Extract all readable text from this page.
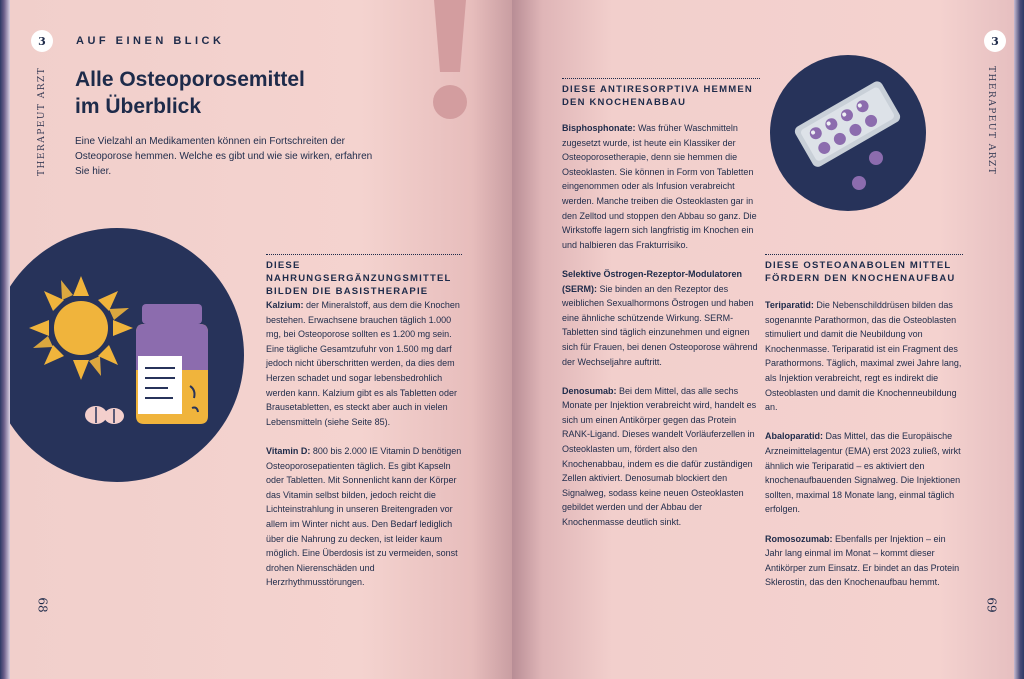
3	AUF EINEN BLICK
THERAPEUT ARZT Alle Osteoporosemittel
im Überblick
Eine Vielzahl an Medikamenten können ein Fortschreiten der Osteoporose hemmen. Welche es gibt und wie sie wirken, erfahren Sie hier.
DIESE NAHRUNGSERGÄNZUNGSMITTEL
BILDEN DIE BASISTHERAPIE

Kalzium: der Mineralstoff, aus dem die Knochen bestehen. Erwachsene brauchen täglich 1.000 mg, bei Osteoporose sollten es 1.200 mg sein. Eine tägliche Gesamtzufuhr von 1.500 mg darf jedoch nicht überschritten werden, da dies dem Herzen schadet und sogar lebensbedrohlich werden kann. Kalzium gibt es als Tabletten oder Brausetabletten, es steckt aber auch in vielen Lebensmitteln (siehe Seite 85).

Vitamin D: 800 bis 2.000 IE Vitamin D benötigen Osteoporosepatienten täglich. Es gibt Kapseln oder Tabletten. Mit Sonnenlicht kann der Körper das Vitamin selbst bilden, jedoch reicht die Lichteinstrahlung in unseren Breitengraden vor allem im Winter nicht aus. Den Bedarf lediglich über die Nahrung zu decken, ist leider kaum möglich. Eine Überdosis ist zu vermeiden, sonst drohen Nierenschäden und Herzrhythmusstörungen.

68
3
THERAPEUT ARZT
DIESE ANTIRESORPTIVA HEMMEN
DEN KNOCHENABBAU

Bisphosphonate: Was früher Waschmitteln zugesetzt wurde, ist heute ein Klassiker der Osteoporosetherapie, denn sie hemmen die Osteoklasten. Sie können in Form von Tabletten eingenommen oder als Infusion verabreicht werden. Manche treiben die Osteoklasten gar in den Zelltod und stoppen den Abbau so ganz. Die Wirkstoffe lagern sich langfristig im Knochen ein und halbieren das Frakturrisiko.

Selektive Östrogen-Rezeptor-Modulatoren (SERM): Sie binden an den Rezeptor des weiblichen Sexualhormons Östrogen und haben eine ähnliche schützende Wirkung. SERM-Tabletten sind täglich einzunehmen und eignen sich für Frauen, bei denen Osteoporose während der Wechseljahre auftritt.

Denosumab: Bei dem Mittel, das alle sechs Monate per Injektion verabreicht wird, handelt es sich um einen Antikörper gegen das Protein RANK-Ligand. Dieses wandelt Vorläuferzellen in Osteoklasten um, fördert also den Knochenabbau, indem es die dafür zuständigen Zellen aktiviert. Denosumab blockiert den Signalweg, sodass keine neuen Osteoklasten gebildet werden und der Abbau der Knochenmasse deutlich sinkt.

DIESE OSTEOANABOLEN MITTEL
FÖRDERN DEN KNOCHENAUFBAU

Teriparatid: Die Nebenschilddrüsen bilden das sogenannte Parathormon, das die Osteoblasten stimuliert und damit die Neubildung von Knochenmasse. Teriparatid ist ein Fragment des Parathormons. Täglich, maximal zwei Jahre lang, als Injektion verabreicht, regt es indirekt die Osteoblasten und damit die Knochenneubildung an.

Abaloparatid: Das Mittel, das die Europäische Arzneimittelagentur (EMA) erst 2023 zuließ, wirkt ähnlich wie Teriparatid – es aktiviert den knochenaufbauenden Signalweg. Die Injektionen sollten, maximal 18 Monate lang, einmal täglich erfolgen.

Romosozumab: Ebenfalls per Injektion – ein Jahr lang einmal im Monat – kommt dieser Antikörper zum Einsatz. Er bindet an das Protein Sklerostin, das den Knochenaufbau hemmt.

69
